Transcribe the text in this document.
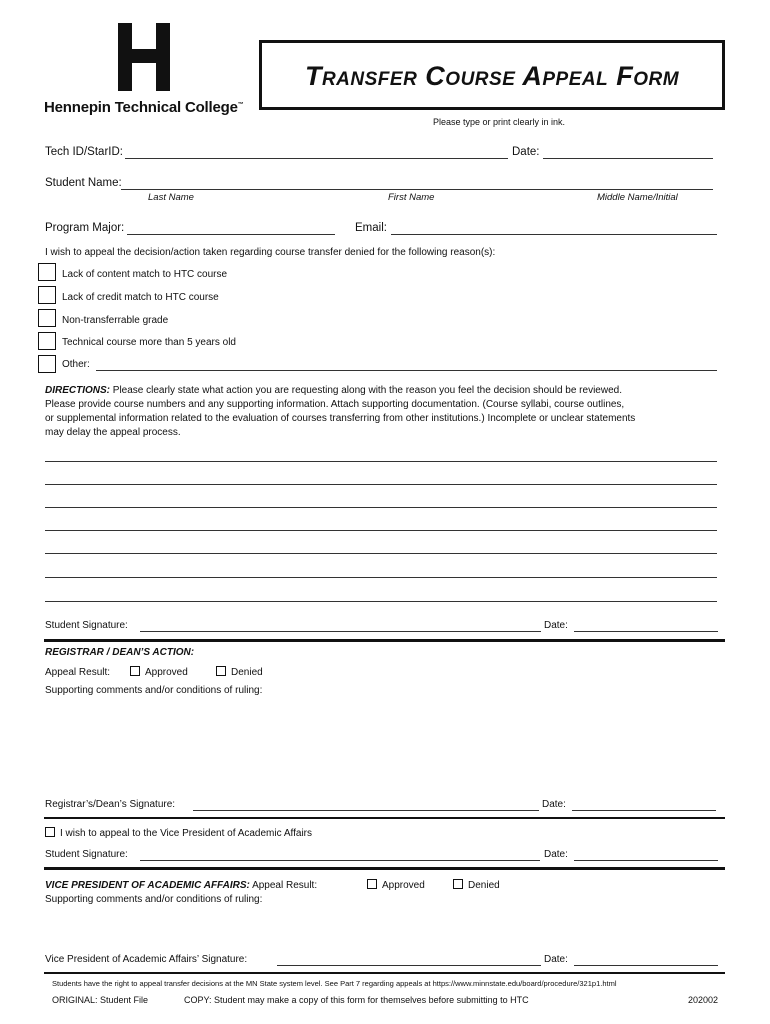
Hennepin Technical College™
Transfer Course Appeal Form
Please type or print clearly in ink.
Tech ID/StarID:	Date:
Student Name:
Last Name	First Name	Middle Name/Initial
Program Major:	Email:
I wish to appeal the decision/action taken regarding course transfer denied for the following reason(s):
Lack of content match to HTC course
Lack of credit match to HTC course
Non-transferrable grade
Technical course more than 5 years old
Other:
DIRECTIONS: Please clearly state what action you are requesting along with the reason you feel the decision should be reviewed.
Please provide course numbers and any supporting information. Attach supporting documentation. (Course syllabi, course outlines,
or supplemental information related to the evaluation of courses transferring from other institutions.) Incomplete or unclear statements
may delay the appeal process.
Student Signature:	Date:
REGISTRAR / DEAN’S ACTION:
Appeal Result:	Approved	Denied
Supporting comments and/or conditions of ruling:
Registrar’s/Dean’s Signature:	Date:
I wish to appeal to the Vice President of Academic Affairs
Student Signature:	Date:
VICE PRESIDENT OF ACADEMIC AFFAIRS: Appeal Result:	Approved	Denied
Supporting comments and/or conditions of ruling:
Vice President of Academic Affairs’ Signature:	Date:
Students have the right to appeal transfer decisions at the MN State system level. See Part 7 regarding appeals at https://www.minnstate.edu/board/procedure/321p1.html
ORIGINAL: Student File	COPY: Student may make a copy of this form for themselves before submitting to HTC	202002
